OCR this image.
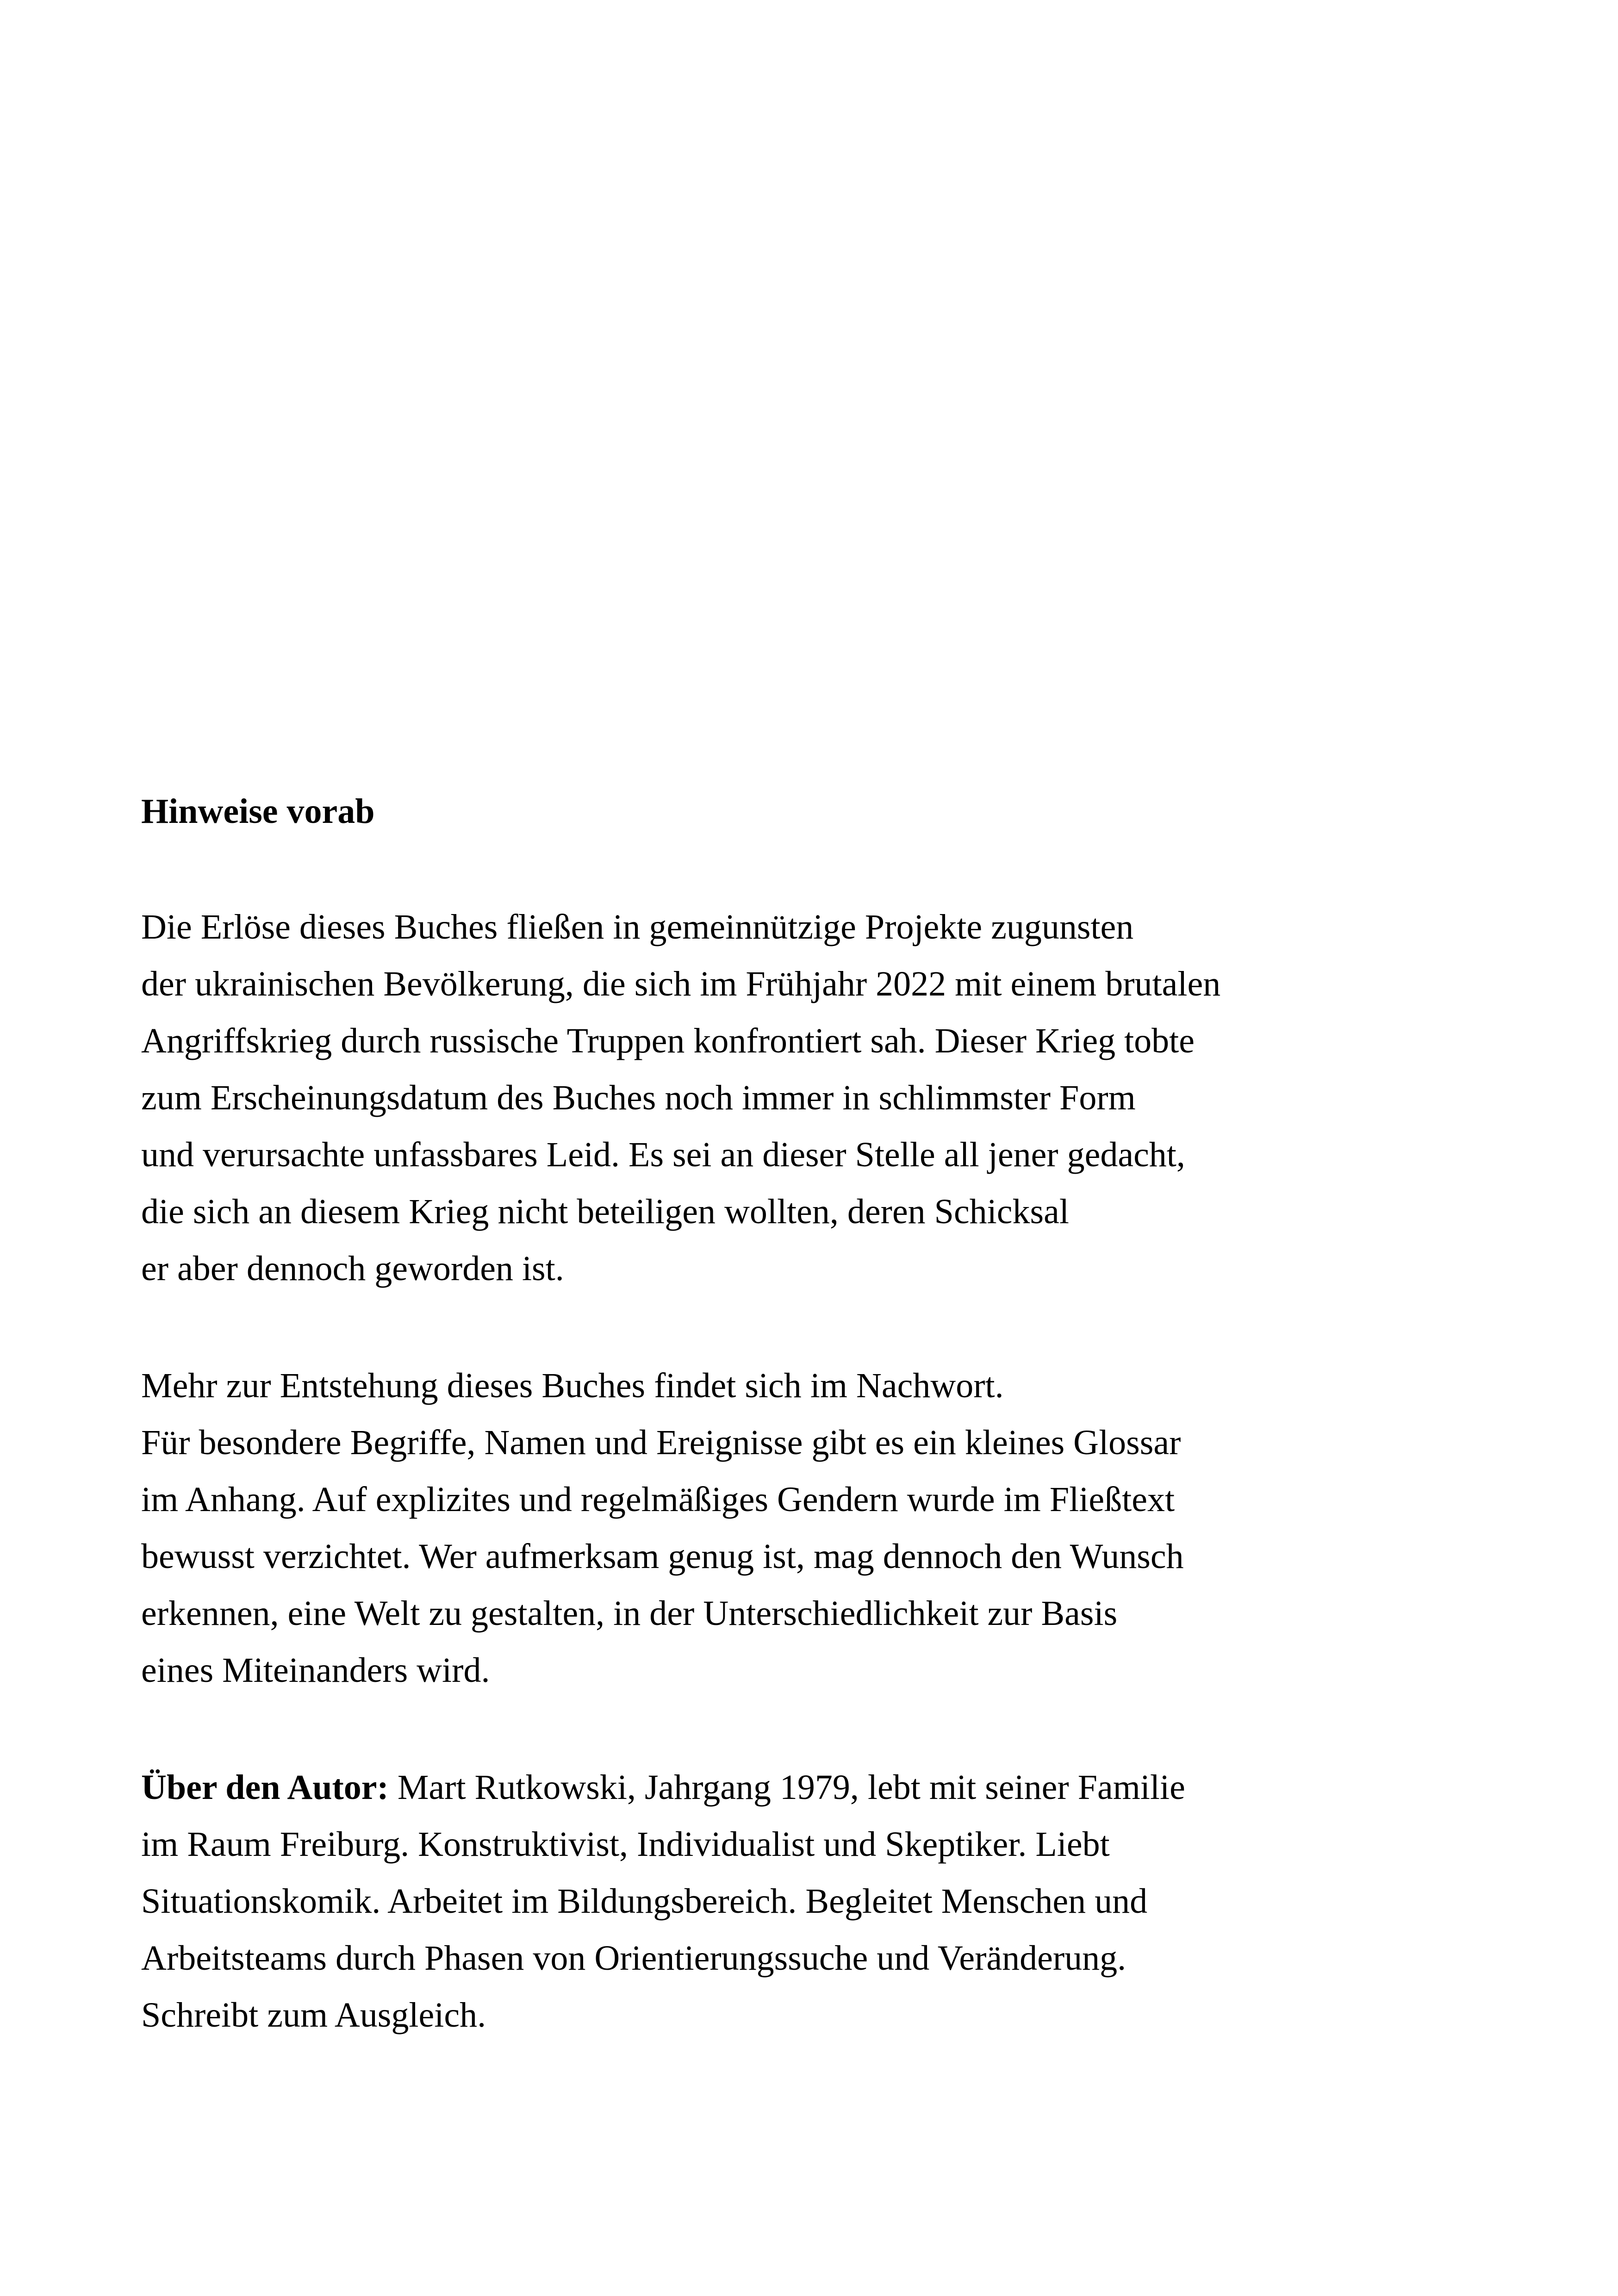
Hinweise vorab
Die Erlöse dieses Buches fließen in gemeinnützige Projekte zugunsten
der ukrainischen Bevölkerung, die sich im Frühjahr 2022 mit einem brutalen
Angriffskrieg durch russische Truppen konfrontiert sah. Dieser Krieg tobte
zum Erscheinungsdatum des Buches noch immer in schlimmster Form
und verursachte unfassbares Leid. Es sei an dieser Stelle all jener gedacht,
die sich an diesem Krieg nicht beteiligen wollten, deren Schicksal
er aber dennoch geworden ist.
Mehr zur Entstehung dieses Buches findet sich im Nachwort.
Für besondere Begriffe, Namen und Ereignisse gibt es ein kleines Glossar
im Anhang. Auf explizites und regelmäßiges Gendern wurde im Fließtext
bewusst verzichtet. Wer aufmerksam genug ist, mag dennoch den Wunsch
erkennen, eine Welt zu gestalten, in der Unterschiedlichkeit zur Basis
eines Miteinanders wird.
Über den Autor: Mart Rutkowski, Jahrgang 1979, lebt mit seiner Familie
im Raum Freiburg. Konstruktivist, Individualist und Skeptiker. Liebt
Situationskomik. Arbeitet im Bildungsbereich. Begleitet Menschen und
Arbeitsteams durch Phasen von Orientierungssuche und Veränderung.
Schreibt zum Ausgleich.
